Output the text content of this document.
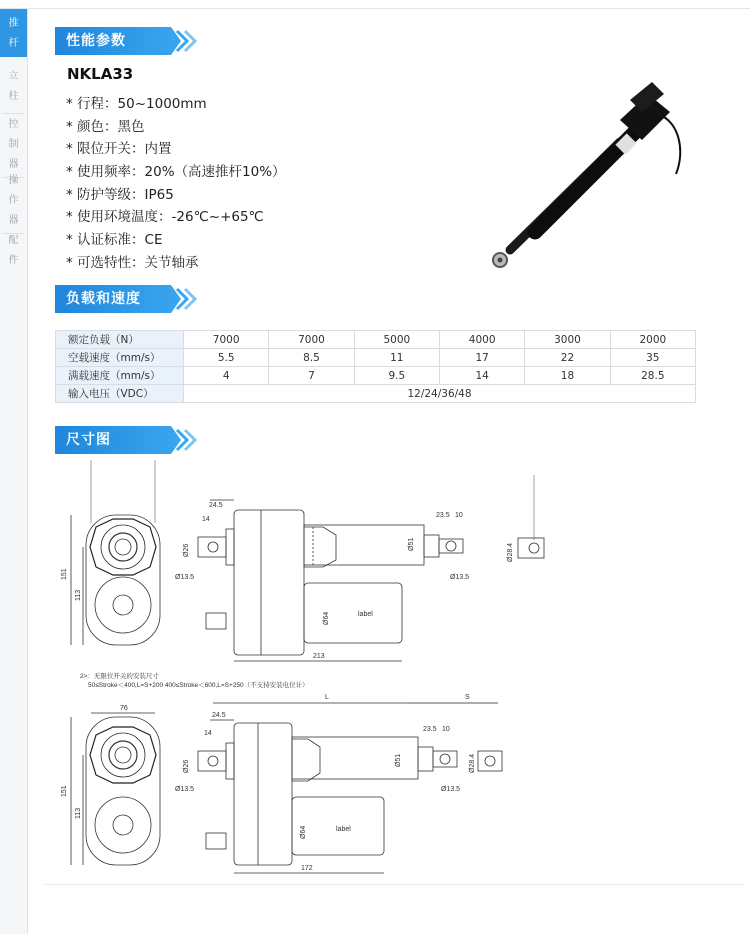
推杆
立柱
控制器
操作器
配件
性能参数
NKLA33
* 行程：50~1000mm
* 颜色：黑色
* 限位开关：内置
* 使用频率：20%（高速推杆10%）
* 防护等级：IP65
* 使用环境温度：-26℃~+65℃
* 认证标准：CE
* 可选特性：关节轴承
负载和速度
额定负载（N）	7000	7000	5000	4000	3000	2000
空载速度（mm/s）	5.5	8.5	11	17	22	35
满载速度（mm/s）	4	7	9.5	14	18	28.5
输入电压（VDC）	12/24/36/48					
尺寸图
151
113
24.5
14
Ø26
Ø13.5
Ø51
23.5 10
Ø13.5
label
Ø64
Ø28.4
213
2>：无限位开关的安装尺寸
50≤Stroke＜400,L=S+200 400≤Stroke＜600,L=S+250（不支持安装电位计）
76
151
113
L	S
24.5
14
Ø26
Ø13.5
Ø51
23.5 10
Ø13.5
label
Ø64
Ø28.4
172
